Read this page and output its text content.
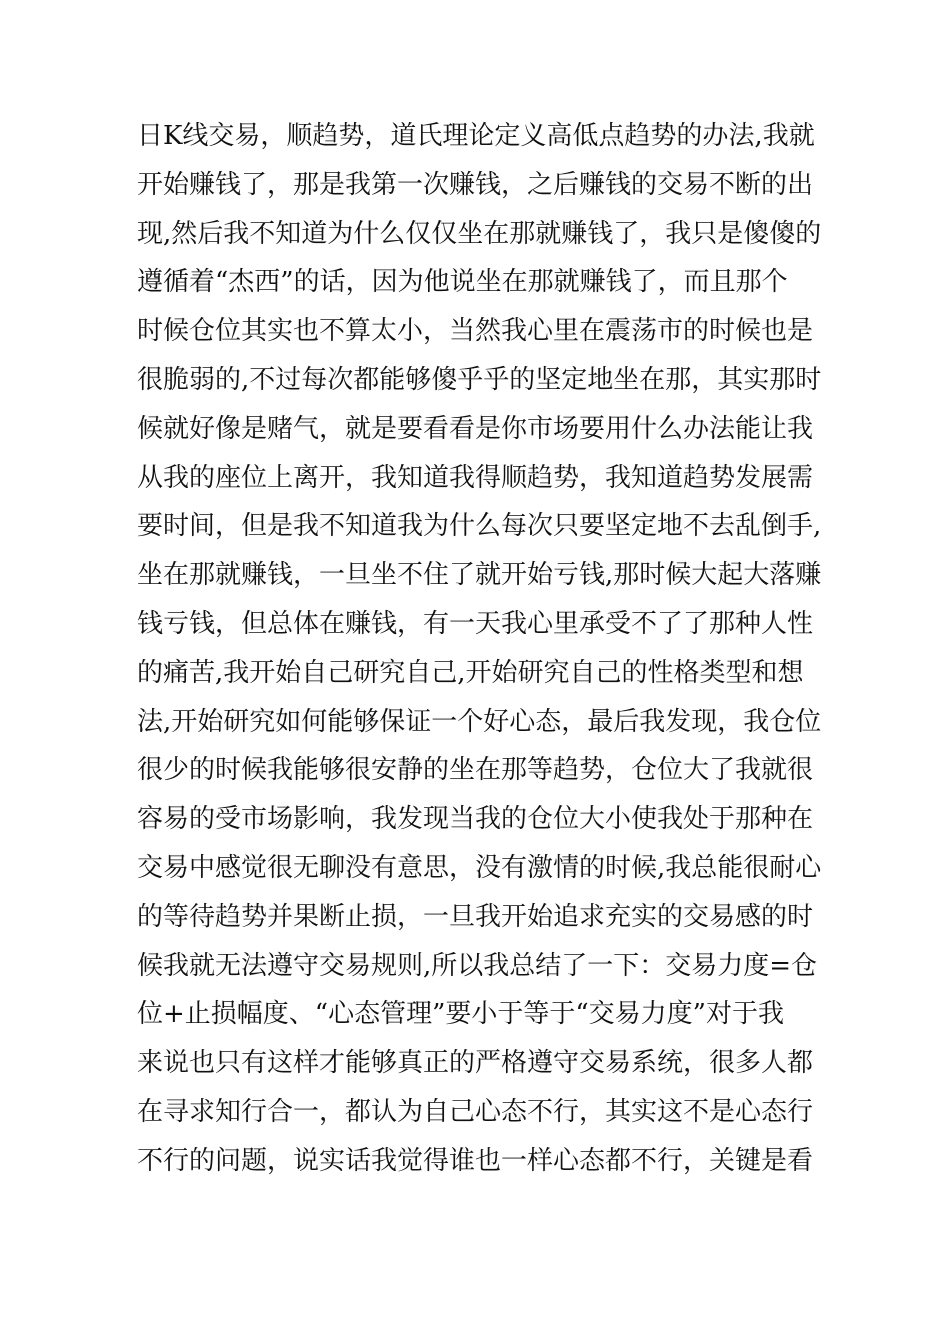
日K线交易，顺趋势，道氏理论定义高低点趋势的办法,我就
开始赚钱了，那是我第一次赚钱，之后赚钱的交易不断的出
现,然后我不知道为什么仅仅坐在那就赚钱了，我只是傻傻的
遵循着“杰西”的话，因为他说坐在那就赚钱了，而且那个
时候仓位其实也不算太小，当然我心里在震荡市的时候也是
很脆弱的,不过每次都能够傻乎乎的坚定地坐在那，其实那时
候就好像是赌气，就是要看看是你市场要用什么办法能让我
从我的座位上离开，我知道我得顺趋势，我知道趋势发展需
要时间，但是我不知道我为什么每次只要坚定地不去乱倒手,
坐在那就赚钱，一旦坐不住了就开始亏钱,那时候大起大落赚
钱亏钱，但总体在赚钱，有一天我心里承受不了了那种人性
的痛苦,我开始自己研究自己,开始研究自己的性格类型和想
法,开始研究如何能够保证一个好心态，最后我发现，我仓位
很少的时候我能够很安静的坐在那等趋势，仓位大了我就很
容易的受市场影响，我发现当我的仓位大小使我处于那种在
交易中感觉很无聊没有意思，没有激情的时候,我总能很耐心
的等待趋势并果断止损，一旦我开始追求充实的交易感的时
候我就无法遵守交易规则,所以我总结了一下：交易力度=仓
位+止损幅度、“心态管理”要小于等于“交易力度”对于我
来说也只有这样才能够真正的严格遵守交易系统，很多人都
在寻求知行合一，都认为自己心态不行，其实这不是心态行
不行的问题，说实话我觉得谁也一样心态都不行，关键是看
